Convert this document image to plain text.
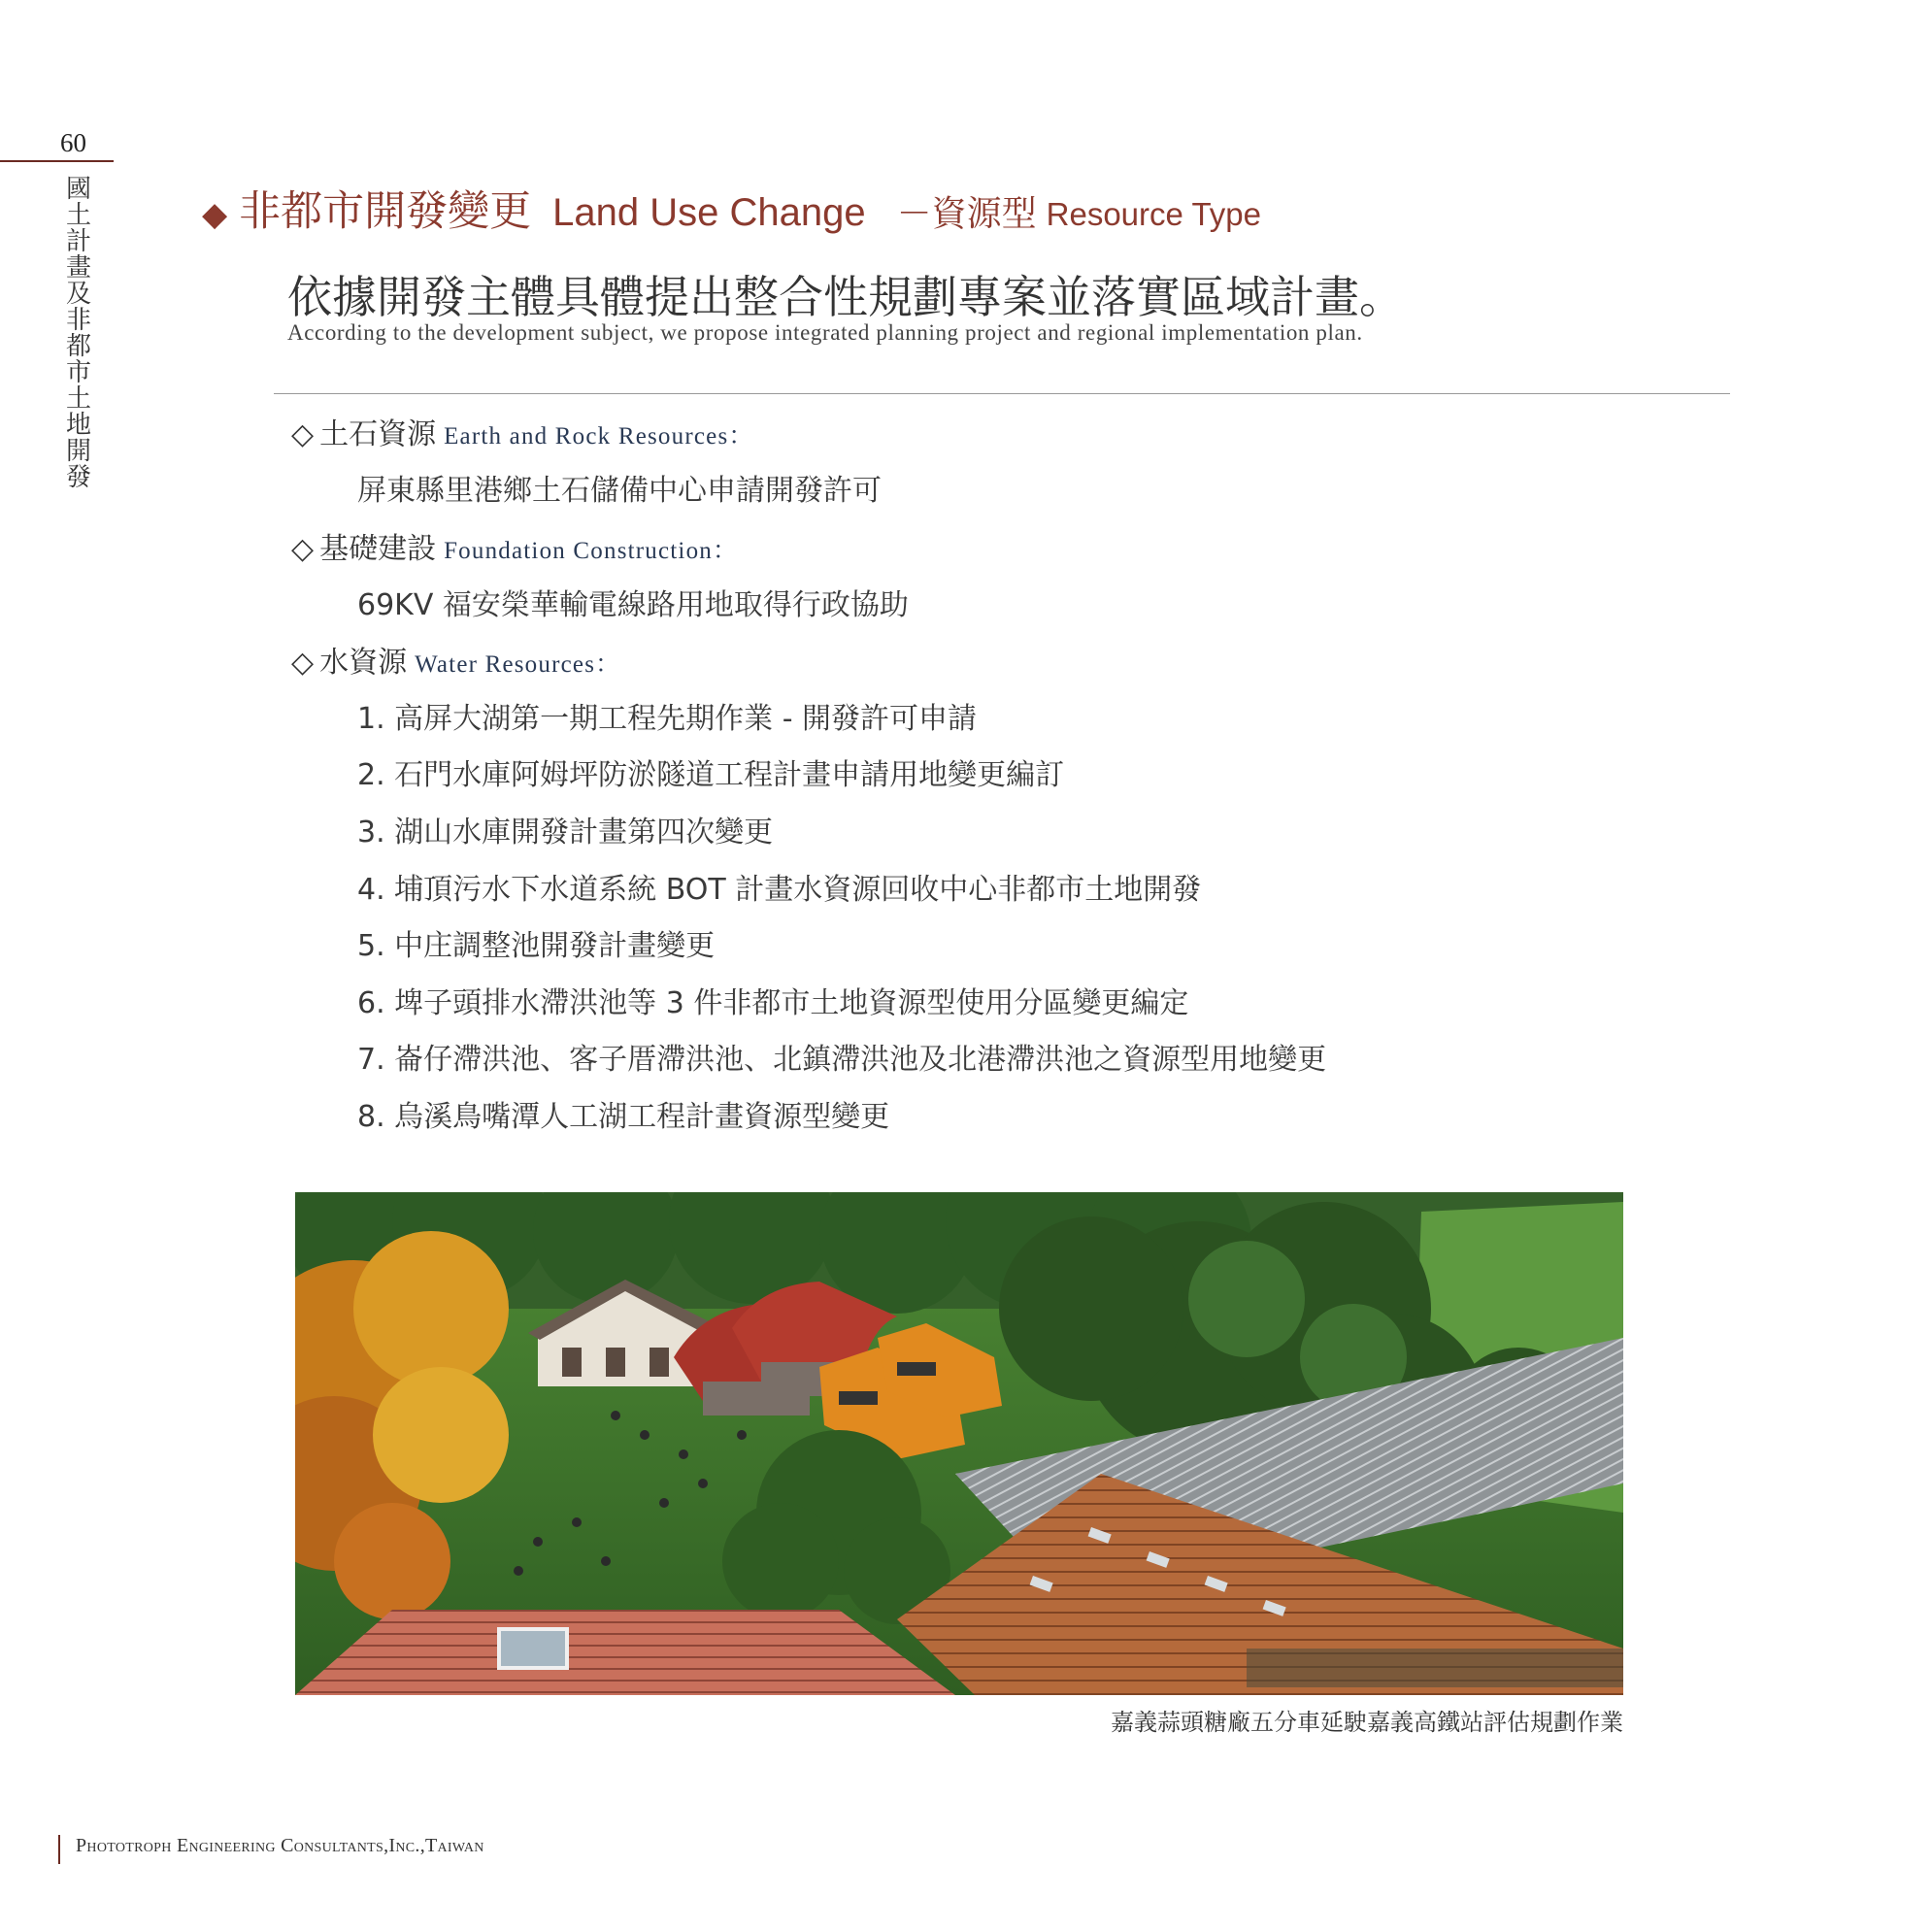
60
國土計畫及非都市土地開發
◆ 非都市開發變更 Land Use Change －資源型 Resource Type
依據開發主體具體提出整合性規劃專案並落實區域計畫。
According to the development subject, we propose integrated planning project and regional implementation plan.
◇ 土石資源 Earth and Rock Resources：
屏東縣里港鄉土石儲備中心申請開發許可
◇ 基礎建設 Foundation Construction：
69KV 福安榮華輸電線路用地取得行政協助
◇ 水資源 Water Resources：
1. 高屏大湖第一期工程先期作業 - 開發許可申請
2. 石門水庫阿姆坪防淤隧道工程計畫申請用地變更編訂
3. 湖山水庫開發計畫第四次變更
4. 埔頂污水下水道系統 BOT 計畫水資源回收中心非都市土地開發
5. 中庄調整池開發計畫變更
6. 埤子頭排水滯洪池等 3 件非都市土地資源型使用分區變更編定
7. 崙仔滯洪池、客子厝滯洪池、北鎮滯洪池及北港滯洪池之資源型用地變更
8. 烏溪鳥嘴潭人工湖工程計畫資源型變更
嘉義蒜頭糖廠五分車延駛嘉義高鐵站評估規劃作業
Phototroph Engineering Consultants,Inc.,Taiwan
